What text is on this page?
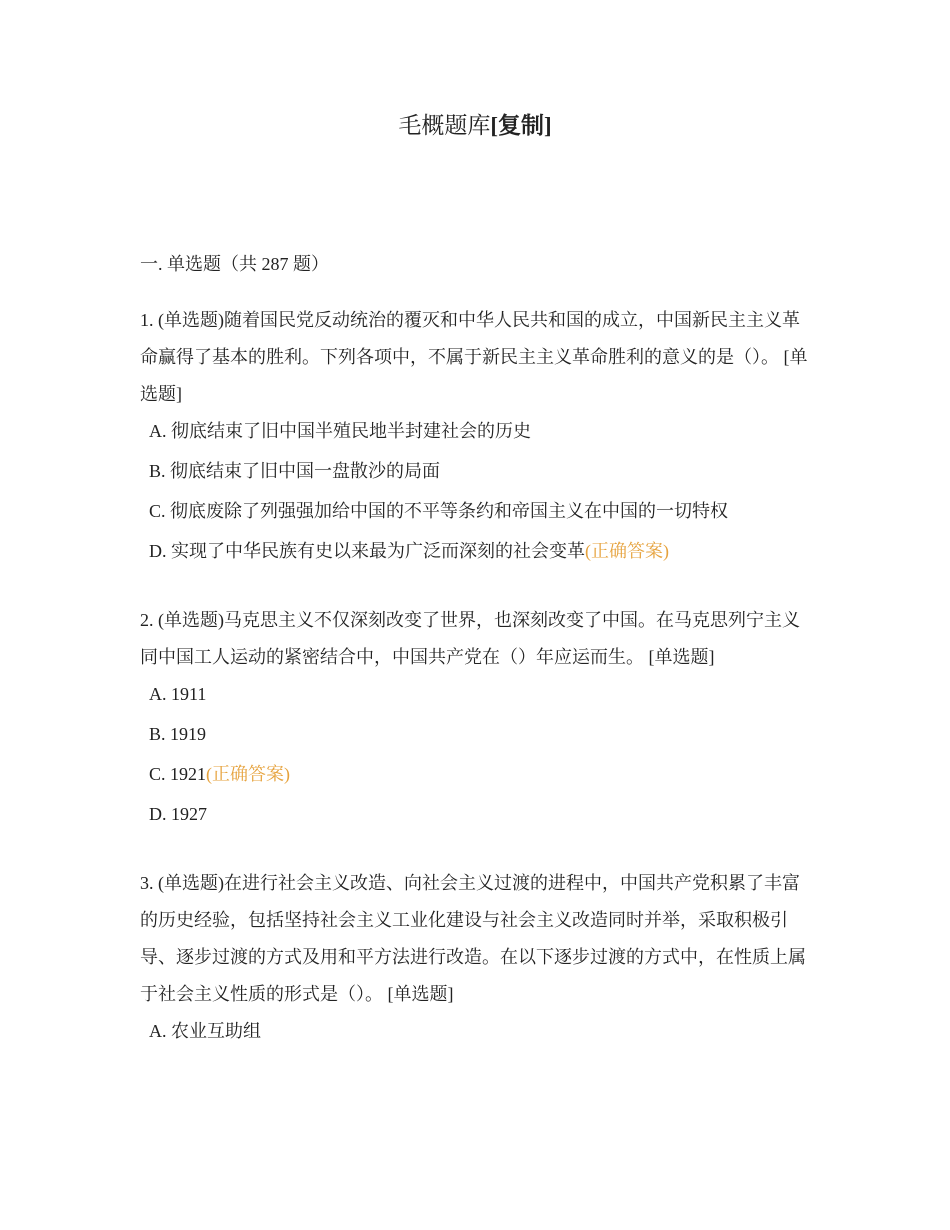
毛概题库[复制]
一. 单选题（共 287 题）
1. (单选题)随着国民党反动统治的覆灭和中华人民共和国的成立，中国新民主主义革命赢得了基本的胜利。下列各项中，不属于新民主主义革命胜利的意义的是（）。 [单选题]
A. 彻底结束了旧中国半殖民地半封建社会的历史
B. 彻底结束了旧中国一盘散沙的局面
C. 彻底废除了列强强加给中国的不平等条约和帝国主义在中国的一切特权
D. 实现了中华民族有史以来最为广泛而深刻的社会变革(正确答案)
2. (单选题)马克思主义不仅深刻改变了世界，也深刻改变了中国。在马克思列宁主义同中国工人运动的紧密结合中，中国共产党在（）年应运而生。 [单选题]
A. 1911
B. 1919
C. 1921(正确答案)
D. 1927
3. (单选题)在进行社会主义改造、向社会主义过渡的进程中，中国共产党积累了丰富的历史经验，包括坚持社会主义工业化建设与社会主义改造同时并举，采取积极引导、逐步过渡的方式及用和平方法进行改造。在以下逐步过渡的方式中，在性质上属于社会主义性质的形式是（）。 [单选题]
A. 农业互助组
